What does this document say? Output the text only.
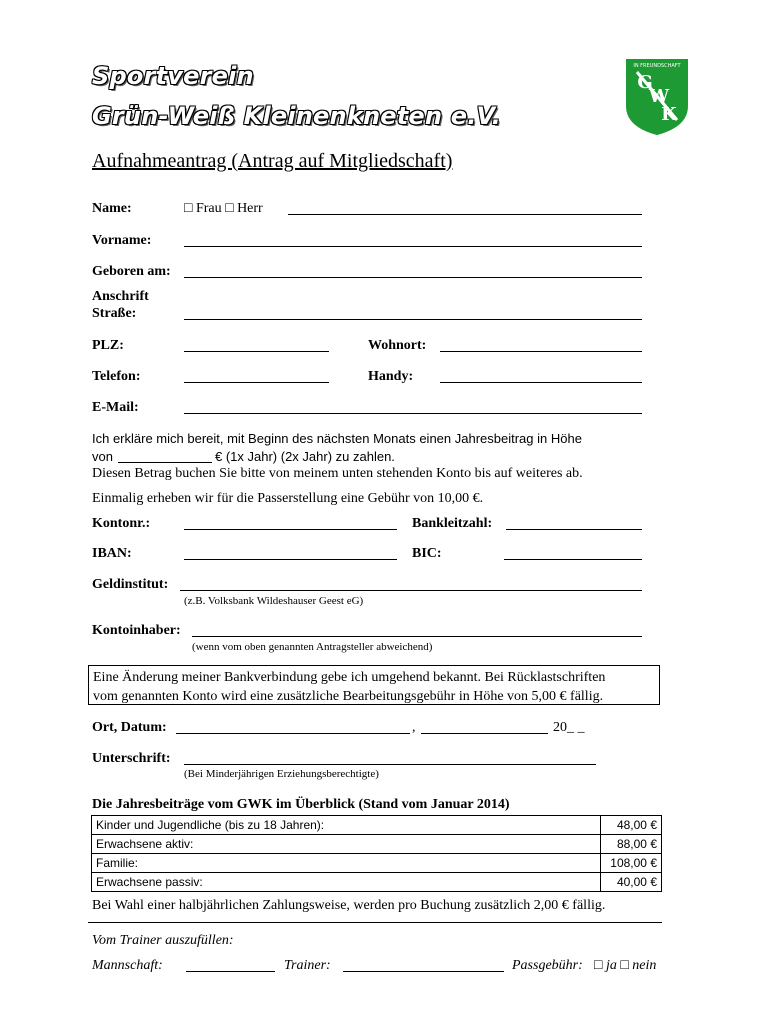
Sportverein
Grün-Weiß Kleinenkneten e.V.
Aufnahmeantrag (Antrag auf Mitgliedschaft)
IN FREUNDSCHAFT
G
W
K
Name:	□ Frau □ Herr
Vorname:
Geboren am:
Anschrift
Straße:
PLZ:	Wohnort:
Telefon:	Handy:
E-Mail:
Ich erkläre mich bereit, mit Beginn des nächsten Monats einen Jahresbeitrag in Höhe
von	€ (1x Jahr) (2x Jahr) zu zahlen.
Diesen Betrag buchen Sie bitte von meinem unten stehenden Konto bis auf weiteres ab.
Einmalig erheben wir für die Passerstellung eine Gebühr von 10,00 €.
Kontonr.:	Bankleitzahl:
IBAN:	BIC:
Geldinstitut:
(z.B. Volksbank Wildeshauser Geest eG)
Kontoinhaber:
(wenn vom oben genannten Antragsteller abweichend)
Eine Änderung meiner Bankverbindung gebe ich umgehend bekannt. Bei Rücklastschriften
vom genannten Konto wird eine zusätzliche Bearbeitungsgebühr in Höhe von 5,00 € fällig.
Ort, Datum:	,	20_ _
Unterschrift:
(Bei Minderjährigen Erziehungsberechtigte)
Die Jahresbeiträge vom GWK im Überblick (Stand vom Januar 2014)
Kinder und Jugendliche (bis zu 18 Jahren):	48,00 €
Erwachsene aktiv:	88,00 €
Familie:	108,00 €
Erwachsene passiv:	40,00 €
Bei Wahl einer halbjährlichen Zahlungsweise, werden pro Buchung zusätzlich 2,00 € fällig.
Vom Trainer auszufüllen:
Mannschaft:	Trainer:	Passgebühr: □ ja □ nein
